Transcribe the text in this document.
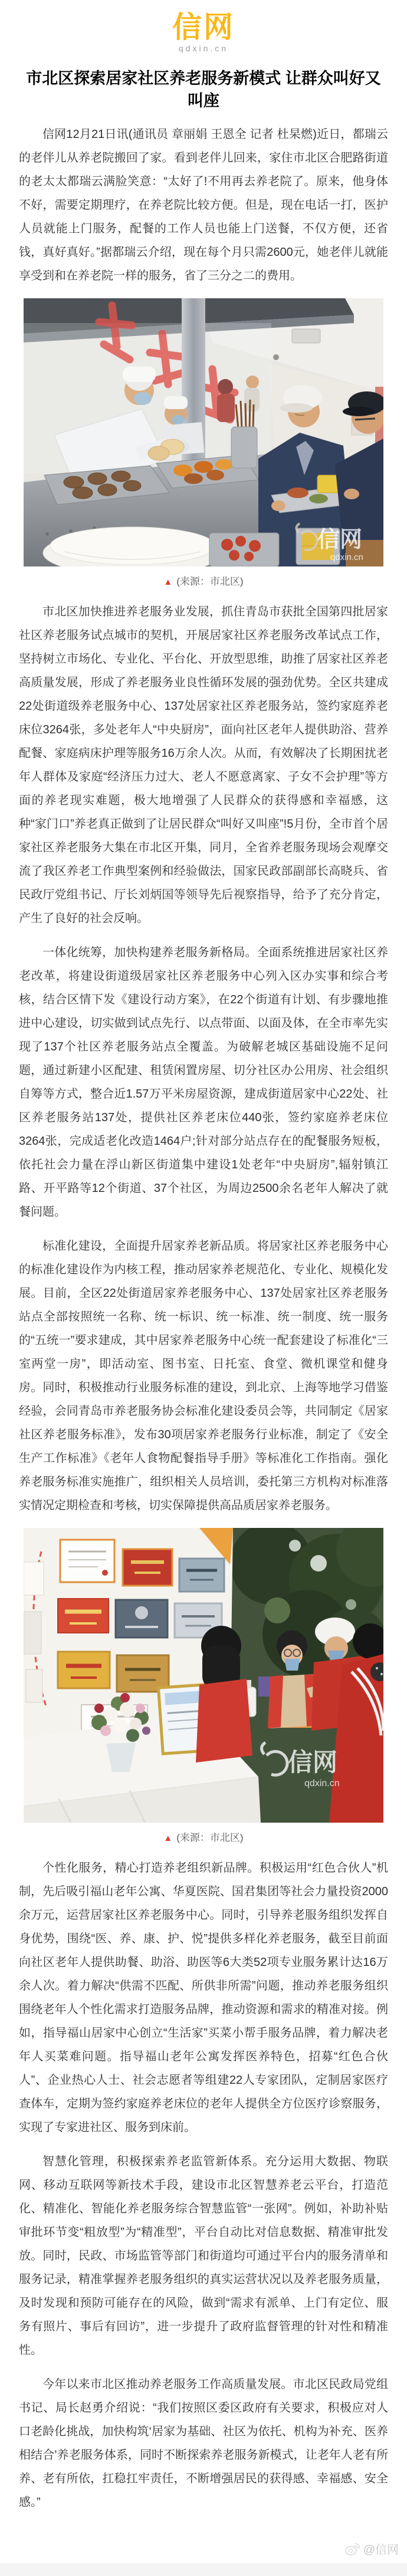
信网
qdxin.cn
市北区探索居家社区养老服务新模式 让群众叫好又叫座

信网12月21日讯(通讯员 章丽娟 王恩全 记者 杜杲燃)近日，都瑞云的老伴儿从养老院搬回了家。看到老伴儿回来，家住市北区合肥路街道的老太太都瑞云满脸笑意：“太好了!不用再去养老院了。原来，他身体不好，需要定期理疗，在养老院比较方便。但是，现在电话一打，医护人员就能上门服务，配餐的工作人员也能上门送餐，不仅方便，还省钱，真好真好。”据都瑞云介绍，现在每个月只需2600元，她老伴儿就能享受到和在养老院一样的服务，省了三分之二的费用。

信网
qdxin.cn
▲ (来源：市北区)

市北区加快推进养老服务业发展，抓住青岛市获批全国第四批居家社区养老服务试点城市的契机，开展居家社区养老服务改革试点工作，坚持树立市场化、专业化、平台化、开放型思维，助推了居家社区养老高质量发展，形成了养老服务业良性循环发展的强劲优势。全区共建成22处街道级养老服务中心、137处居家社区养老服务站，签约家庭养老床位3264张，多处老年人“中央厨房”，面向社区老年人提供助浴、营养配餐、家庭病床护理等服务16万余人次。从而，有效解决了长期困扰老年人群体及家庭“经济压力过大、老人不愿意离家、子女不会护理”等方面的养老现实难题，极大地增强了人民群众的获得感和幸福感，这种“家门口”养老真正做到了让居民群众“叫好又叫座”!5月份，全市首个居家社区养老服务大集在市北区开集，同月，全省养老服务现场会观摩交流了我区养老工作典型案例和经验做法，国家民政部副部长高晓兵、省民政厅党组书记、厅长刘炳国等领导先后视察指导，给予了充分肯定，产生了良好的社会反响。

一体化统筹，加快构建养老服务新格局。全面系统推进居家社区养老改革，将建设街道级居家社区养老服务中心列入区办实事和综合考核，结合区情下发《建设行动方案》，在22个街道有计划、有步骤地推进中心建设，切实做到试点先行、以点带面、以面及体，在全市率先实现了137个社区养老服务站点全覆盖。为破解老城区基础设施不足问题，通过新建小区配建、租赁闲置房屋、切分社区办公用房、社会组织自筹等方式，整合近1.57万平米房屋资源，建成街道居家中心22处、社区养老服务站137处，提供社区养老床位440张，签约家庭养老床位3264张，完成适老化改造1464户;针对部分站点存在的配餐服务短板，依托社会力量在浮山新区街道集中建设1处老年“中央厨房”,辐射镇江路、开平路等12个街道、37个社区，为周边2500余名老年人解决了就餐问题。

标准化建设，全面提升居家养老新品质。将居家社区养老服务中心的标准化建设作为内核工程，推动居家养老规范化、专业化、规模化发展。目前，全区22处街道居家养老服务中心、137处居家社区养老服务站点全部按照统一名称、统一标识、统一标准、统一制度、统一服务的“五统一”要求建成，其中居家养老服务中心统一配套建设了标准化“三室两堂一房”，即活动室、图书室、日托室、食堂、微机课堂和健身房。同时，积极推动行业服务标准的建设，到北京、上海等地学习借鉴经验，会同青岛市养老服务协会标准化建设委员会等，共同制定《居家社区养老服务标准》，发布30项居家养老服务行业标准，制定了《安全生产工作标准》《老年人食物配餐指导手册》等标准化工作指南。强化养老服务标准实施推广，组织相关人员培训，委托第三方机构对标准落实情况定期检查和考核，切实保障提供高品质居家养老服务。

信网
qdxin.cn
▲ (来源：市北区)

个性化服务，精心打造养老组织新品牌。积极运用“红色合伙人”机制，先后吸引福山老年公寓、华夏医院、国君集团等社会力量投资2000余万元，运营居家社区养老服务中心。同时，引导养老服务组织发挥自身优势，围绕“医、养、康、护、悦”提供多样化养老服务，截至目前面向社区老年人提供助餐、助浴、助医等6大类52项专业服务累计达16万余人次。着力解决“供需不匹配、所供非所需”问题，推动养老服务组织围绕老年人个性化需求打造服务品牌，推动资源和需求的精准对接。例如，指导福山居家中心创立“生活家”买菜小帮手服务品牌，着力解决老年人买菜难问题。指导福山老年公寓发挥医养特色，招募“红色合伙人”、企业热心人士、社会志愿者等组建22人专家团队，定制居家医疗查体车，定期为签约家庭养老床位的老年人提供全方位医疗诊察服务，实现了专家进社区、服务到床前。

智慧化管理，积极探索养老监管新体系。充分运用大数据、物联网、移动互联网等新技术手段，建设市北区智慧养老云平台，打造范化、精准化、智能化养老服务综合智慧监管“一张网”。例如，补助补贴审批环节变“粗放型”为“精准型”，平台自动比对信息数据、精准审批发放。同时，民政、市场监管等部门和街道均可通过平台内的服务清单和服务记录，精准掌握养老服务组织的真实运营状况以及养老服务质量，及时发现和预防可能存在的风险，做到“需求有派单、上门有定位、服务有照片、事后有回访”，进一步提升了政府监督管理的针对性和精准性。

今年以来市北区推动养老服务工作高质量发展。市北区民政局党组书记、局长赵勇介绍说：“我们按照区委区政府有关要求，积极应对人口老龄化挑战，加快构筑‘居家为基础、社区为依托、机构为补充、医养相结合’养老服务体系，同时不断探索养老服务新模式，让老年人老有所养、老有所依，扛稳扛牢责任，不断增强居民的获得感、幸福感、安全感。”

@信网
